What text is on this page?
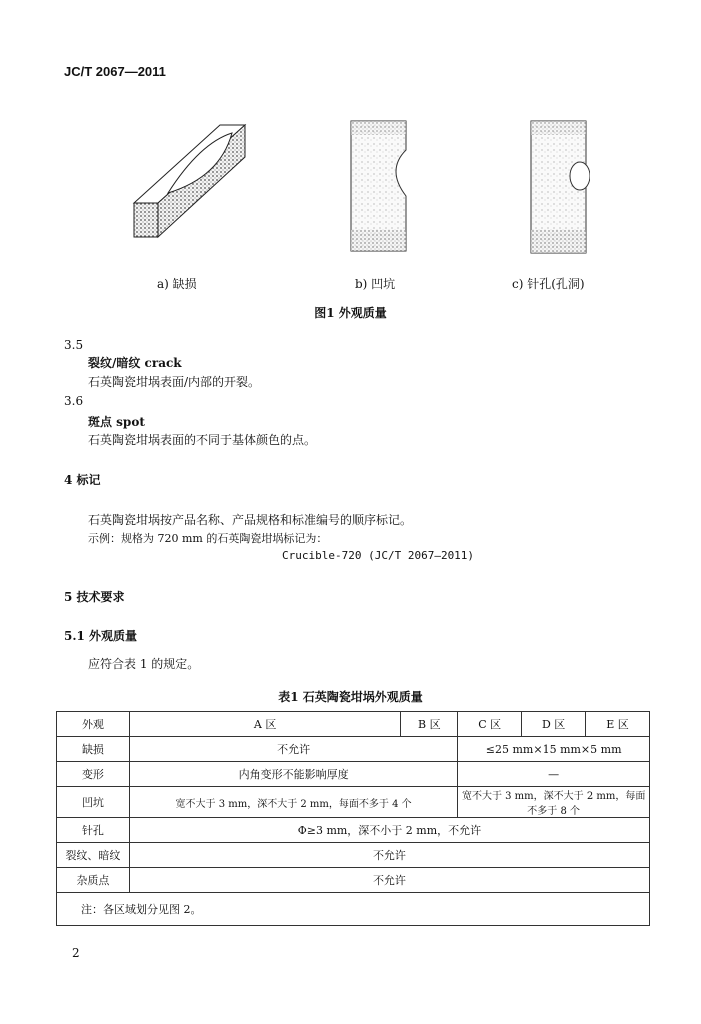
JC/T 2067—2011
a) 缺损	b) 凹坑	c) 针孔(孔洞)
图1 外观质量
3.5
裂纹/暗纹 crack
石英陶瓷坩埚表面/内部的开裂。
3.6
斑点 spot
石英陶瓷坩埚表面的不同于基体颜色的点。
4 标记
石英陶瓷坩埚按产品名称、产品规格和标准编号的顺序标记。
示例：规格为 720 mm 的石英陶瓷坩埚标记为：
Crucible-720 (JC/T 2067—2011)
5 技术要求
5.1 外观质量
应符合表 1 的规定。
表1 石英陶瓷坩埚外观质量
外观	A 区	B 区	C 区	D 区	E 区
缺损	不允许		≤25 mm×15 mm×5 mm		
变形	内角变形不能影响厚度		—		
凹坑	宽不大于 3 mm，深不大于 2 mm，每面不多于 4 个		宽不大于 3 mm，深不大于 2 mm，每面不多于 8 个		
针孔	Φ≥3 mm，深不小于 2 mm，不允许				
裂纹、暗纹	不允许				
杂质点	不允许				
注：各区域划分见图 2。					
2
